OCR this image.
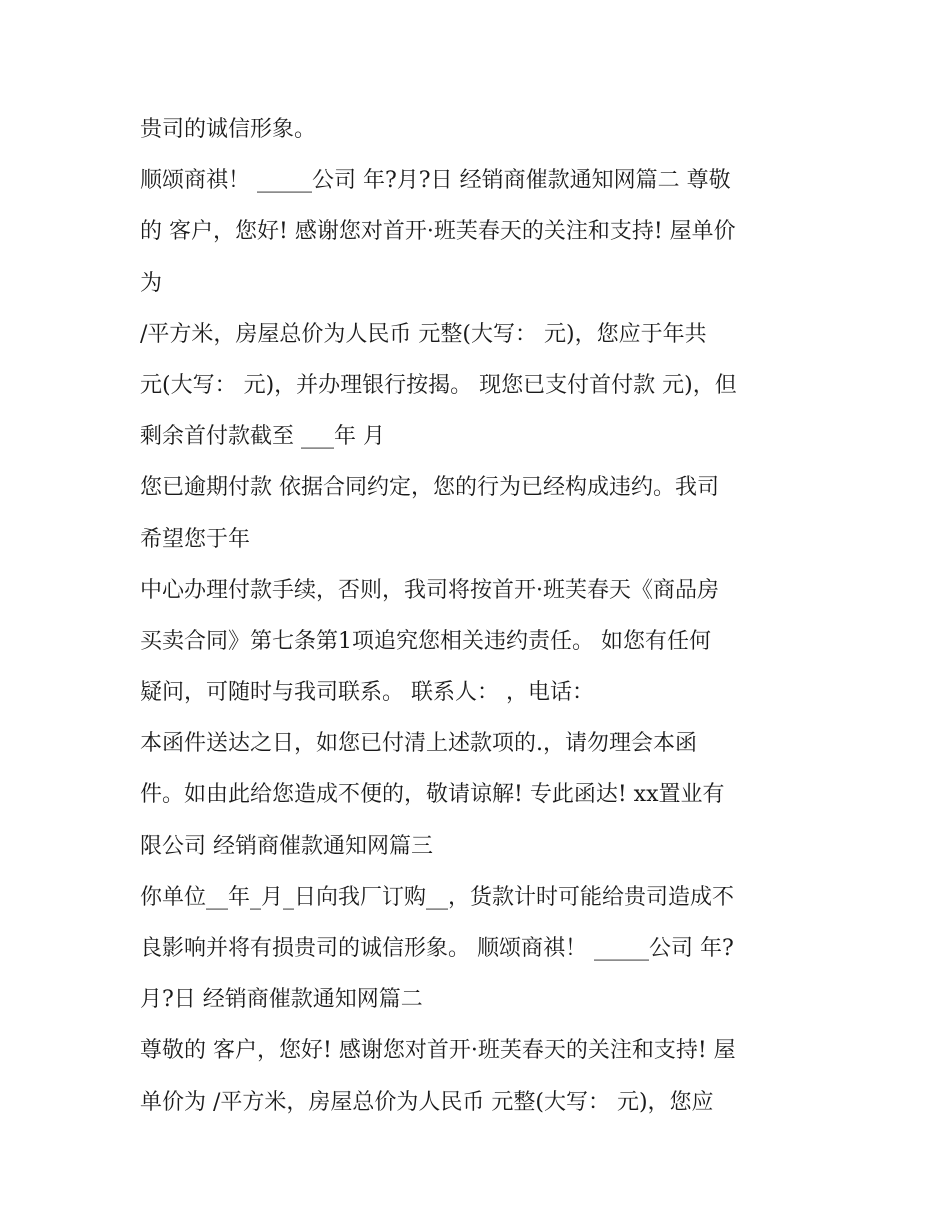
贵司的诚信形象。
顺颂商祺！ _____公司 年?月?日 经销商催款通知网篇二 尊敬
的 客户，您好! 感谢您对首开·班芙春天的关注和支持! 屋单价
为
/平方米，房屋总价为人民币 元整(大写： 元)，您应于年共
元(大写： 元)，并办理银行按揭。 现您已支付首付款 元)，但
剩余首付款截至 ___年 月
您已逾期付款 依据合同约定，您的行为已经构成违约。我司
希望您于年
中心办理付款手续，否则，我司将按首开·班芙春天《商品房
买卖合同》第七条第1项追究您相关违约责任。 如您有任何
疑问，可随时与我司联系。 联系人： ，电话：
本函件送达之日，如您已付清上述款项的.，请勿理会本函
件。如由此给您造成不便的，敬请谅解! 专此函达! xx置业有
限公司 经销商催款通知网篇三
你单位__年_月_日向我厂订购__，货款计时可能给贵司造成不
良影响并将有损贵司的诚信形象。 顺颂商祺！ _____公司 年?
月?日 经销商催款通知网篇二
尊敬的 客户，您好! 感谢您对首开·班芙春天的关注和支持! 屋
单价为 /平方米，房屋总价为人民币 元整(大写： 元)，您应
